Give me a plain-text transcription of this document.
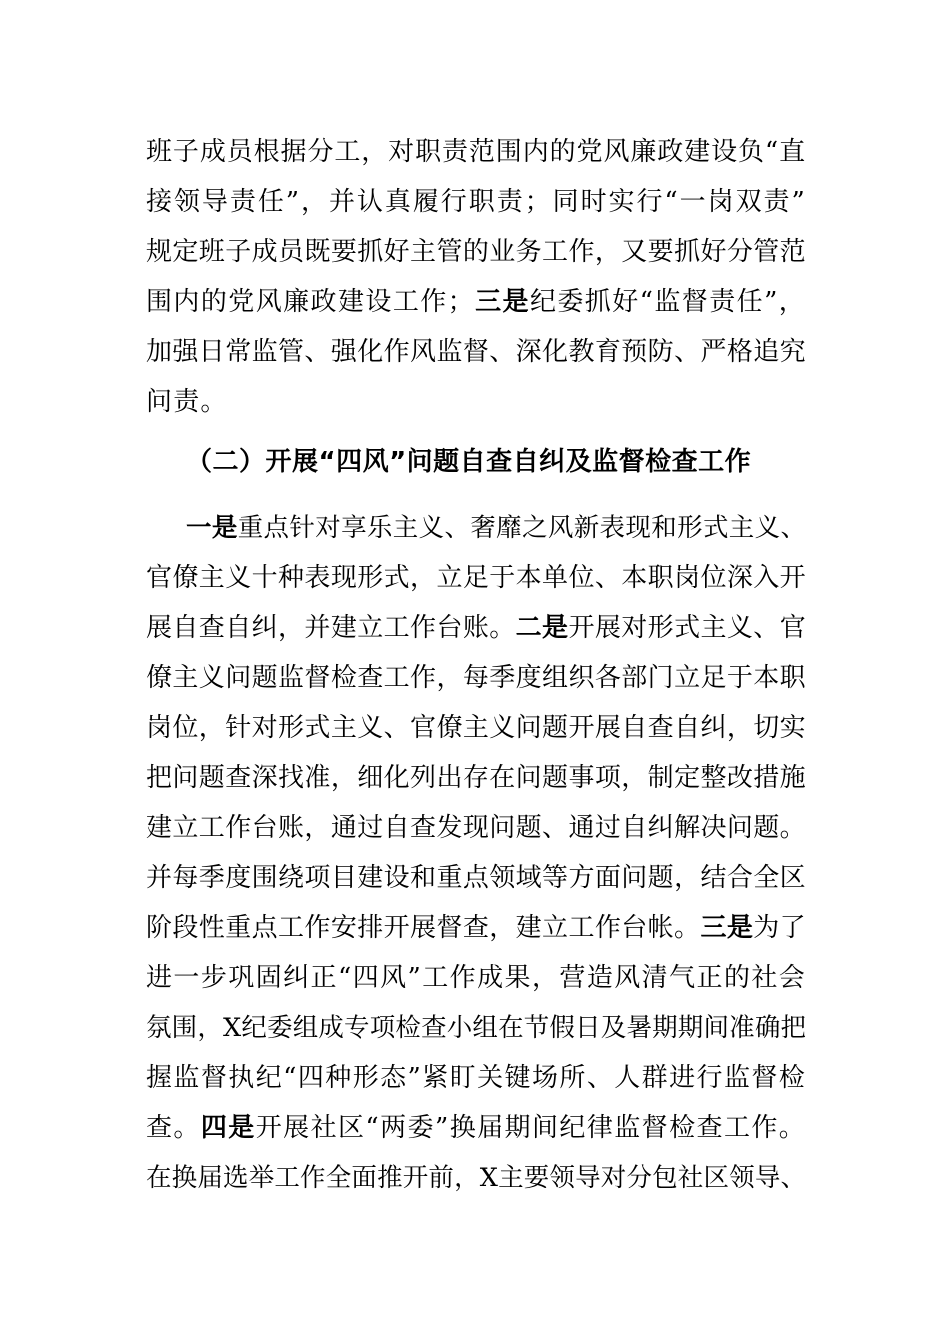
班子成员根据分工，对职责范围内的党风廉政建设负“直
接领导责任”，并认真履行职责；同时实行“一岗双责”
规定班子成员既要抓好主管的业务工作，又要抓好分管范
围内的党风廉政建设工作；三是纪委抓好“监督责任”，
加强日常监管、强化作风监督、深化教育预防、严格追究
问责。
（二）开展“四风”问题自查自纠及监督检查工作
一是重点针对享乐主义、奢靡之风新表现和形式主义、
官僚主义十种表现形式，立足于本单位、本职岗位深入开
展自查自纠，并建立工作台账。二是开展对形式主义、官
僚主义问题监督检查工作，每季度组织各部门立足于本职
岗位，针对形式主义、官僚主义问题开展自查自纠，切实
把问题查深找准，细化列出存在问题事项，制定整改措施
建立工作台账，通过自查发现问题、通过自纠解决问题。
并每季度围绕项目建设和重点领域等方面问题，结合全区
阶段性重点工作安排开展督查，建立工作台帐。三是为了
进一步巩固纠正“四风”工作成果，营造风清气正的社会
氛围，X纪委组成专项检查小组在节假日及暑期期间准确把
握监督执纪“四种形态”紧盯关键场所、人群进行监督检
查。四是开展社区“两委”换届期间纪律监督检查工作。
在换届选举工作全面推开前，X主要领导对分包社区领导、
